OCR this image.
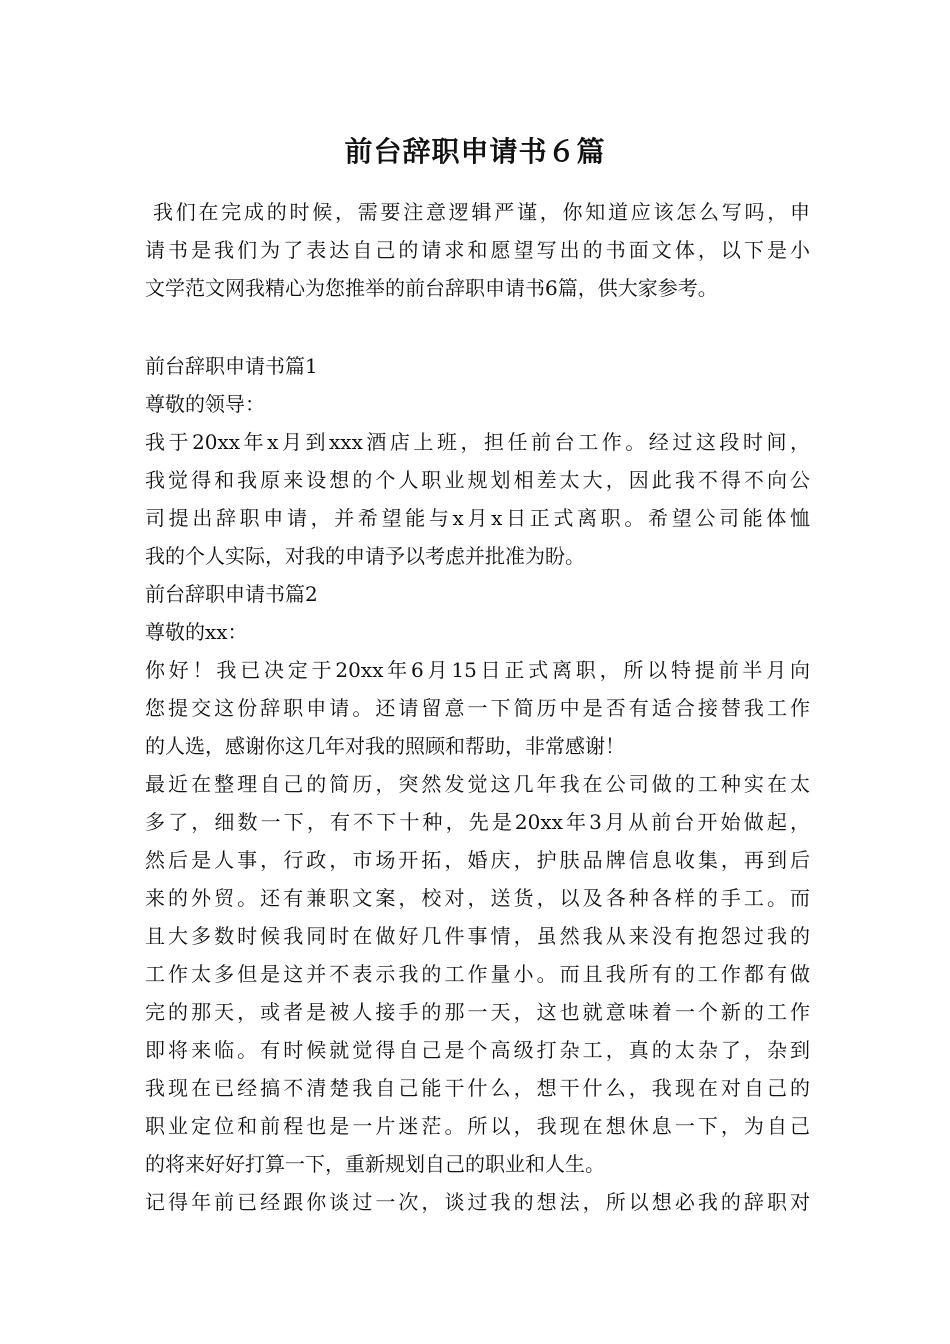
前台辞职申请书６篇
我们在完成的时候，需要注意逻辑严谨，你知道应该怎么写吗，申
请书是我们为了表达自己的请求和愿望写出的书面文体，以下是小
文学范文网我精心为您推举的前台辞职申请书6篇，供大家参考。
前台辞职申请书篇1
尊敬的领导：
我于20xx年x月到xxx酒店上班，担任前台工作。经过这段时间，
我觉得和我原来设想的个人职业规划相差太大，因此我不得不向公
司提出辞职申请，并希望能与x月x日正式离职。希望公司能体恤
我的个人实际，对我的申请予以考虑并批准为盼。
前台辞职申请书篇2
尊敬的xx：
你好！我已决定于20xx年6月15日正式离职，所以特提前半月向
您提交这份辞职申请。还请留意一下简历中是否有适合接替我工作
的人选，感谢你这几年对我的照顾和帮助，非常感谢！
最近在整理自己的简历，突然发觉这几年我在公司做的工种实在太
多了，细数一下，有不下十种，先是20xx年3月从前台开始做起，
然后是人事，行政，市场开拓，婚庆，护肤品牌信息收集，再到后
来的外贸。还有兼职文案，校对，送货，以及各种各样的手工。而
且大多数时候我同时在做好几件事情，虽然我从来没有抱怨过我的
工作太多但是这并不表示我的工作量小。而且我所有的工作都有做
完的那天，或者是被人接手的那一天，这也就意味着一个新的工作
即将来临。有时候就觉得自己是个高级打杂工，真的太杂了，杂到
我现在已经搞不清楚我自己能干什么，想干什么，我现在对自己的
职业定位和前程也是一片迷茫。所以，我现在想休息一下，为自己
的将来好好打算一下，重新规划自己的职业和人生。
记得年前已经跟你谈过一次，谈过我的想法，所以想必我的辞职对
